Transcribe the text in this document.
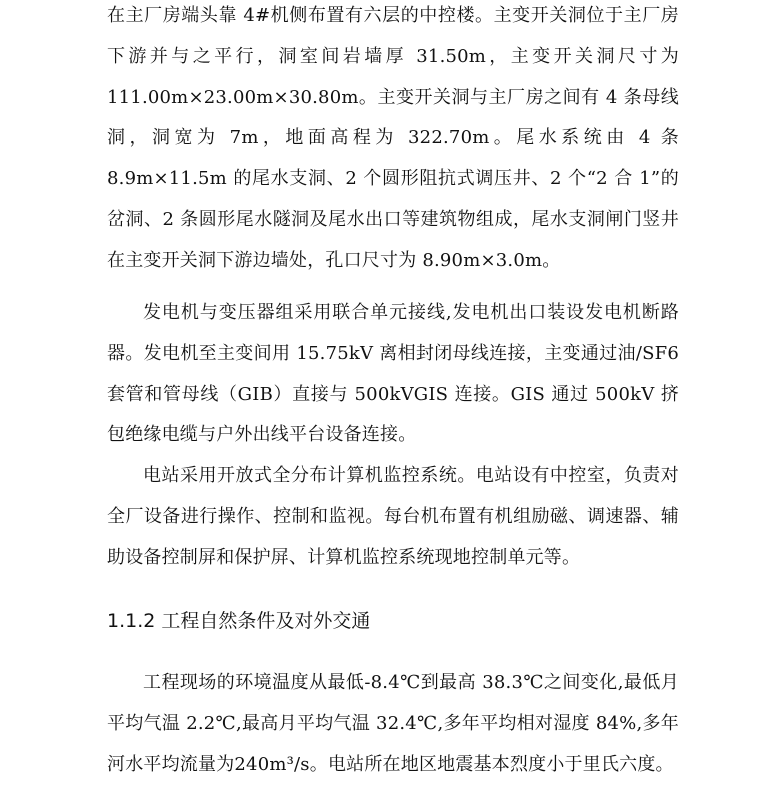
在主厂房端头靠 4#机侧布置有六层的中控楼。主变开关洞位于主厂房下游并与之平行，洞室间岩墙厚 31.50m，主变开关洞尺寸为 111.00m×23.00m×30.80m。主变开关洞与主厂房之间有 4 条母线洞，洞宽为 7m，地面高程为 322.70m。尾水系统由 4 条 8.9m×11.5m 的尾水支洞、2 个圆形阻抗式调压井、2 个“2 合 1”的岔洞、2 条圆形尾水隧洞及尾水出口等建筑物组成，尾水支洞闸门竖井在主变开关洞下游边墙处，孔口尺寸为 8.90m×3.0m。

发电机与变压器组采用联合单元接线,发电机出口装设发电机断路器。发电机至主变间用 15.75kV 离相封闭母线连接，主变通过油/SF6 套管和管母线（GIB）直接与 500kVGIS 连接。GIS 通过 500kV 挤包绝缘电缆与户外出线平台设备连接。

电站采用开放式全分布计算机监控系统。电站设有中控室，负责对全厂设备进行操作、控制和监视。每台机布置有机组励磁、调速器、辅助设备控制屏和保护屏、计算机监控系统现地控制单元等。

1.1.2 工程自然条件及对外交通

工程现场的环境温度从最低-8.4℃到最高 38.3℃之间变化,最低月平均气温 2.2℃,最高月平均气温 32.4℃,多年平均相对湿度 84%,多年河水平均流量为240m³/s。电站所在地区地震基本烈度小于里氏六度。
